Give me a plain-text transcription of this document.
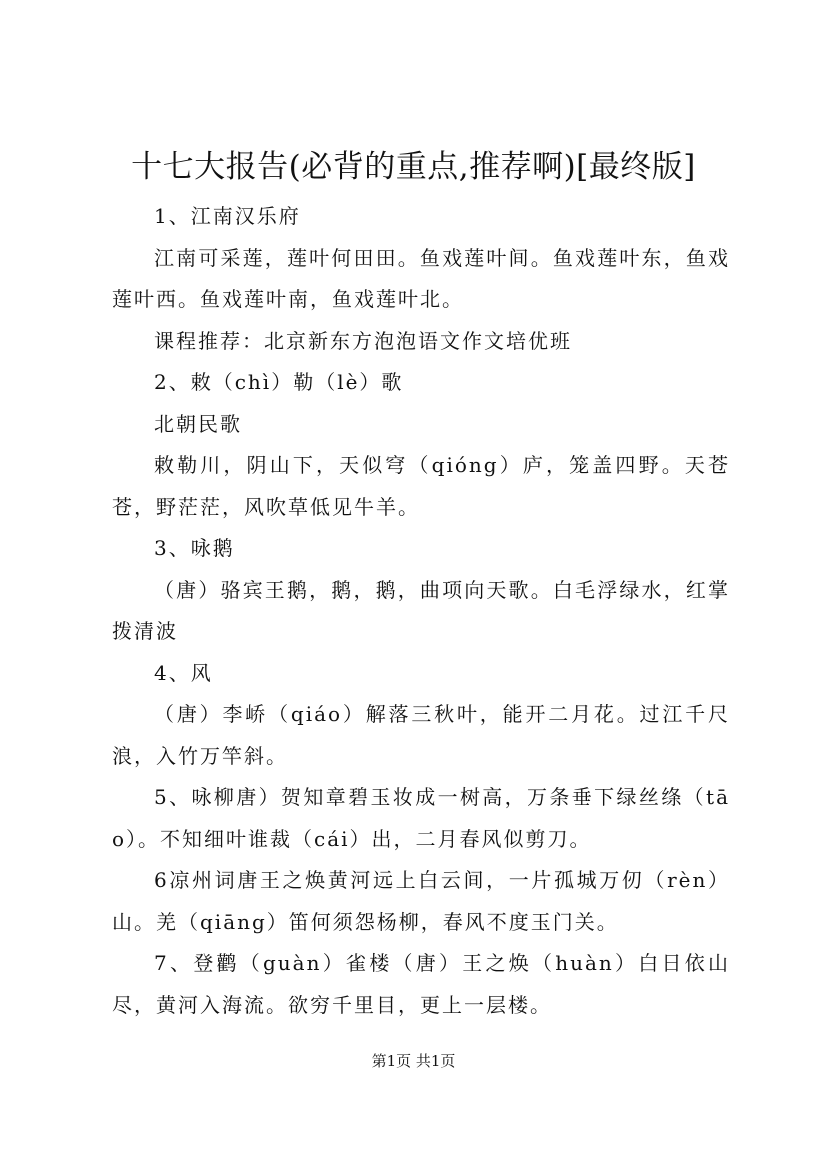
十七大报告(必背的重点,推荐啊)[最终版]

1、江南汉乐府

江南可采莲，莲叶何田田。鱼戏莲叶间。鱼戏莲叶东，鱼戏莲叶西。鱼戏莲叶南，鱼戏莲叶北。

课程推荐：北京新东方泡泡语文作文培优班

2、敕（chì）勒（lè）歌

北朝民歌

敕勒川，阴山下，天似穹（qióng）庐，笼盖四野。天苍苍，野茫茫，风吹草低见牛羊。

3、咏鹅

（唐）骆宾王鹅，鹅，鹅，曲项向天歌。白毛浮绿水，红掌拨清波

4、风

（唐）李峤（qiáo）解落三秋叶，能开二月花。过江千尺浪，入竹万竿斜。

5、咏柳唐）贺知章碧玉妆成一树高，万条垂下绿丝绦（tāo）。不知细叶谁裁（cái）出，二月春风似剪刀。

6凉州词唐王之焕黄河远上白云间，一片孤城万仞（rèn）山。羌（qiāng）笛何须怨杨柳，春风不度玉门关。

7、登鹳（guàn）雀楼（唐）王之焕（huàn）白日依山尽，黄河入海流。欲穷千里目，更上一层楼。

第1页 共1页
